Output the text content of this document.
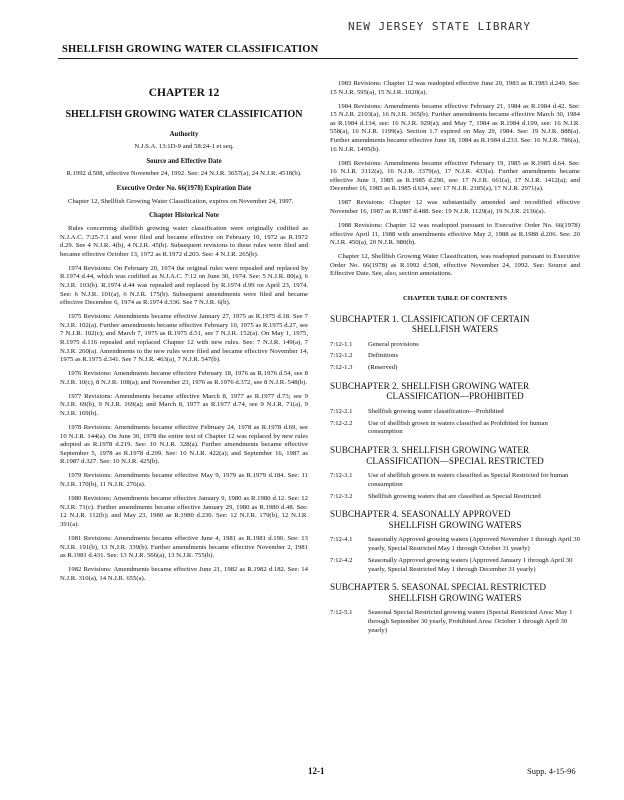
NEW JERSEY STATE LIBRARY
SHELLFISH GROWING WATER CLASSIFICATION
CHAPTER 12
SHELLFISH GROWING WATER CLASSIFICATION
Authority

N.J.S.A. 13:1D-9 and 58:24-1 et seq.

Source and Effective Date

R.1992 d.508, effective November 24, 1992. See: 24 N.J.R. 3657(a), 24 N.J.R. 4518(b).

Executive Order No. 66(1978) Expiration Date

Chapter 12, Shellfish Growing Water Classification, expires on November 24, 1997.

Chapter Historical Note

Rules concerning shellfish growing water classification were originally codified as N.J.A.C. 7:25-7.1 and were filed and became effective on February 10, 1972 as R.1972 d.29. See 4 N.J.R. 4(b), 4 N.J.R. 45(b). Subsequent revisions to these rules were filed and became effective October 13, 1972 as R.1972 d.203. See: 4 N.J.R. 265(b).

1974 Revisions: On February 20, 1974 the original rules were repealed and replaced by R.1974 d.44, which was codified as N.J.A.C. 7:12 on June 30, 1974. See: 5 N.J.R. 80(a), 6 N.J.R. 103(b). R.1974 d.44 was repealed and replaced by R.1974 d.99 on April 23, 1974. See: 6 N.J.R. 101(a), 6 N.J.R. 175(b). Subsequent amendments were filed and became effective December 6, 1974 as R.1974 d.336. See 7 N.J.R. 6(b).

1975 Revisions: Amendments became effective January 27, 1975 as R.1975 d.18. See 7 N.J.R. 102(a). Further amendments became effective February 10, 1975 as R.1975 d.27, see 7 N.J.R. 102(c); and March 7, 1975 as R.1975 d.51, see 7 N.J.R. 152(a). On May 1, 1975, R.1975 d.116 repealed and replaced Chapter 12 with new rules. See: 7 N.J.R. 149(a), 7 N.J.R. 260(a). Amendments to the new rules were filed and became effective November 14, 1975 as R.1975 d.341. See 7 N.J.R. 463(a), 7 N.J.R. 547(b).

1976 Revisions: Amendments became effective February 18, 1976 as R.1976 d.54, see 8 N.J.R. 10(c), 8 N.J.R. 108(a); and November 23, 1976 as R.1976 d.372, see 8 N.J.R. 548(b).

1977 Revisions: Amendments became effective March 8, 1977 as R.1977 d.73; see 9 N.J.R. 69(b), 9 N.J.R. 169(a); and March 8, 1977 as R.1977 d.74, see 9 N.J.R. 71(a), 9 N.J.R. 169(b).

1978 Revisions: Amendments became effective February 24, 1978 as R.1978 d.69, see 10 N.J.R. 144(a). On June 30, 1978 the entire text of Chapter 12 was replaced by new rules adopted as R.1978 d.219. See: 10 N.J.R. 328(a). Further amendments became effective September 5, 1978 as R.1978 d.299. See: 10 N.J.R. 422(a); and September 16, 1987 as R.1987 d.327. See: 10 N.J.R. 425(b).

1979 Revisions: Amendments became effective May 9, 1979 as R.1979 d.184. See: 11 N.J.R. 170(b), 11 N.J.R. 276(a).

1980 Revisions: Amendments became effective January 9, 1980 as R.1980 d.12. See: 12 N.J.R. 71(c). Further amendments became effective January 29, 1980 as R.1980 d.48. See: 12 N.J.R. 112(b); and May 23, 1980 as R.1980 d.230. See: 12 N.J.R. 179(b), 12 N.J.R. 391(a).

1981 Revisions: Amendments became effective June 4, 1981 as R.1981 d.190. See: 13 N.J.R. 191(b), 13 N.J.R. 339(b). Further amendments became effective November 2, 1981 as R.1981 d.431. See: 13 N.J.R. 566(a), 13 N.J.R. 755(b).

1982 Revisions: Amendments became effective June 21, 1982 as R.1982 d.182. See: 14 N.J.R. 310(a), 14 N.J.R. 655(a).

1983 Revisions: Chapter 12 was readopted effective June 20, 1983 as R.1983 d.249. See: 15 N.J.R. 595(a), 15 N.J.R. 1020(a).

1984 Revisions: Amendments became effective February 21, 1984 as R.1984 d.42. See: 15 N.J.R. 2103(a), 16 N.J.R. 365(b). Further amendments became effective March 30, 1984 as R.1984 d.134, see: 16 N.J.R. 929(a); and May 7, 1984 as R.1984 d.199, see: 16 N.J.R. 558(a), 16 N.J.R. 1199(a). Section 1.7 expired on May 29, 1984. See: 19 N.J.R. 888(a). Further amendments became effective June 18, 1984 as R.1984 d.233. See: 16 N.J.R. 786(a), 16 N.J.R. 1495(b).

1985 Revisions: Amendments became effective February 19, 1985 as R.1985 d.64. See: 16 N.J.R. 3112(a), 16 N.J.R. 3379(a), 17 N.J.R. 433(a). Further amendments became effective June 3, 1985 as R.1985 d.290, see: 17 N.J.R. 661(a), 17 N.J.R. 1412(a); and December 16, 1985 as R.1985 d.634, see: 17 N.J.R. 2185(a), 17 N.J.R. 2971(a).

1987 Revisions: Chapter 12 was substantially amended and recodified effective November 16, 1987 as R.1987 d.488. See: 19 N.J.R. 1129(a), 19 N.J.R. 2136(a).

1988 Revisions: Chapter 12 was readopted pursuant to Executive Order No. 66(1978) effective April 11, 1988 with amendments effective May 2, 1988 as R.1988 d.206. See: 20 N.J.R. 450(a), 20 N.J.R. 980(b).

Chapter 12, Shellfish Growing Water Classification, was readopted pursuant to Executive Order No. 66(1978) as R.1992 d.508, effective November 24, 1992. See: Source and Effective Date. See, also, section annotations.

CHAPTER TABLE OF CONTENTS
SUBCHAPTER 1. CLASSIFICATION OF CERTAIN
SHELLFISH WATERS
7:12-1.1	General provisions
7:12-1.2	Definitions
7:12-1.3	(Reserved)
SUBCHAPTER 2. SHELLFISH GROWING WATER
CLASSIFICATION—PROHIBITED
7:12-2.1	Shellfish growing water classification—Prohibited
7:12-2.2	Use of shellfish grown in waters classified as Prohibited for human consumption
SUBCHAPTER 3. SHELLFISH GROWING WATER
CLASSIFICATION—SPECIAL RESTRICTED
7:12-3.1	Use of shellfish grown in waters classified as Special Restricted for human consumption
7:12-3.2	Shellfish growing waters that are classified as Special Restricted
SUBCHAPTER 4. SEASONALLY APPROVED
SHELLFISH GROWING WATERS
7:12-4.1	Seasonally Approved growing waters (Approved November 1 through April 30 yearly, Special Restricted May 1 through October 31 yearly)
7:12-4.2	Seasonally Approved growing waters (Approved January 1 through April 30 yearly, Special Restricted May 1 through December 31 yearly)
SUBCHAPTER 5. SEASONAL SPECIAL RESTRICTED
SHELLFISH GROWING WATERS
7:12-5.1	Seasonal Special Restricted growing waters (Special Restricted Area: May 1 through September 30 yearly, Prohibited Area: October 1 through April 30 yearly)
12-1	Supp. 4-15-96
